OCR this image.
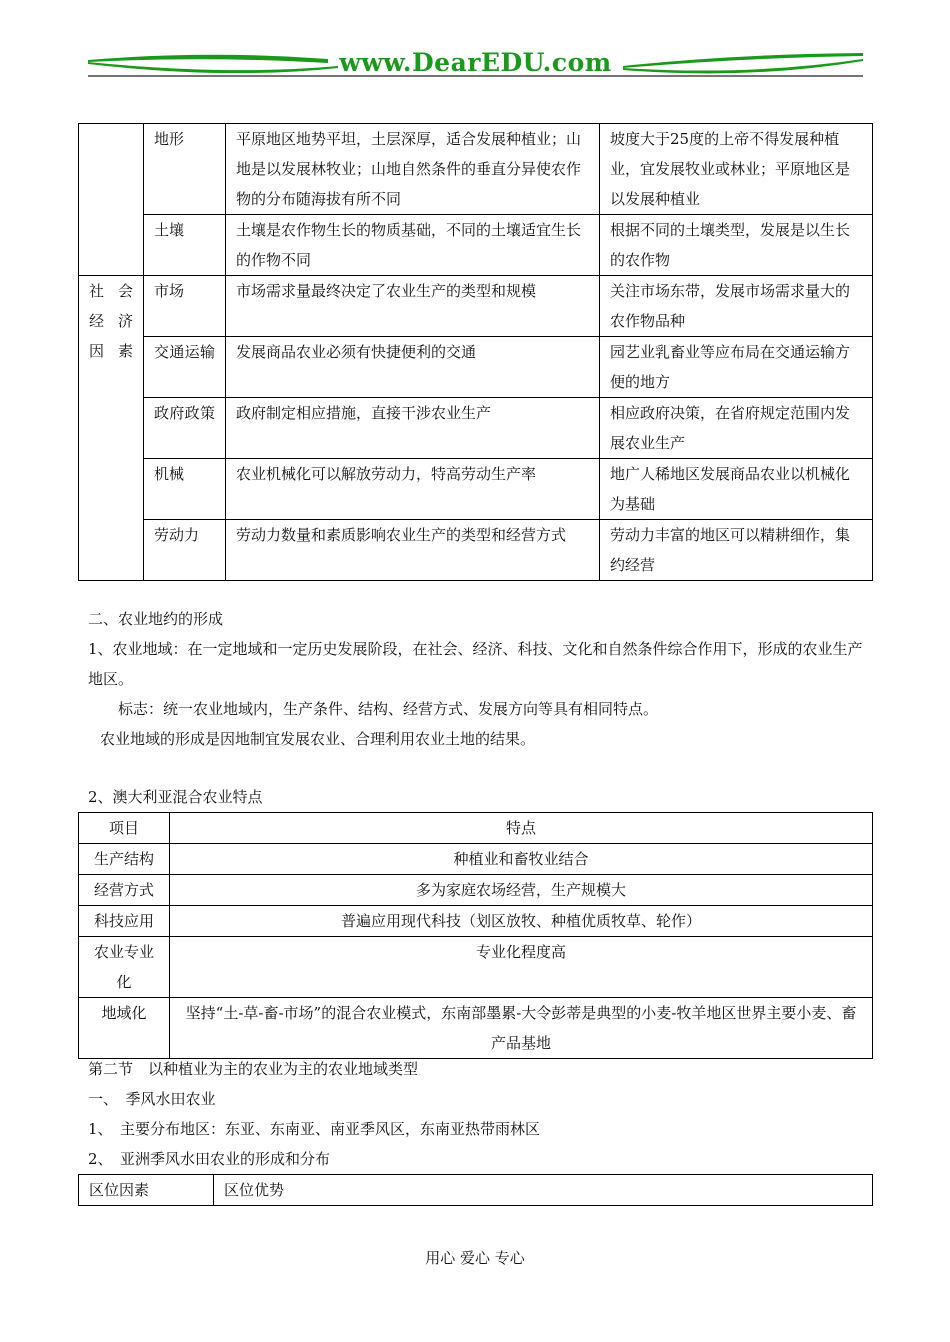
www.DearEDU.com
	地形	平原地区地势平坦，土层深厚，适合发展种植业；山地是以发展林牧业；山地自然条件的垂直分异使农作物的分布随海拔有所不同	坡度大于25度的上帝不得发展种植业，宜发展牧业或林业；平原地区是以发展种植业
	土壤	土壤是农作物生长的物质基础，不同的土壤适宜生长的作物不同	根据不同的土壤类型，发展是以生长的农作物
社会经济因素	市场	市场需求量最终决定了农业生产的类型和规模	关注市场东带，发展市场需求量大的农作物品种
	交通运输	发展商品农业必须有快捷便利的交通	园艺业乳畜业等应布局在交通运输方便的地方
	政府政策	政府制定相应措施，直接干涉农业生产	相应政府决策，在省府规定范围内发展农业生产
	机械	农业机械化可以解放劳动力，特高劳动生产率	地广人稀地区发展商品农业以机械化为基础
	劳动力	劳动力数量和素质影响农业生产的类型和经营方式	劳动力丰富的地区可以精耕细作，集约经营
二、农业地约的形成
1、农业地域：在一定地域和一定历史发展阶段，在社会、经济、科技、文化和自然条件综合作用下，形成的农业生产地区。
标志：统一农业地域内，生产条件、结构、经营方式、发展方向等具有相同特点。
农业地域的形成是因地制宜发展农业、合理利用农业土地的结果。
2、澳大利亚混合农业特点
项目	特点
生产结构	种植业和畜牧业结合
经营方式	多为家庭农场经营，生产规模大
科技应用	普遍应用现代科技（划区放牧、种植优质牧草、轮作）
农业专业化	专业化程度高
地域化	坚持“土-草-畜-市场”的混合农业模式，东南部墨累-大令彭蒂是典型的小麦-牧羊地区世界主要小麦、畜产品基地
第二节　以种植业为主的农业为主的农业地域类型
一、　季风水田农业
1、　主要分布地区：东亚、东南亚、南亚季风区，东南亚热带雨林区
2、　亚洲季风水田农业的形成和分布
区位因素	区位优势
用心 爱心 专心
